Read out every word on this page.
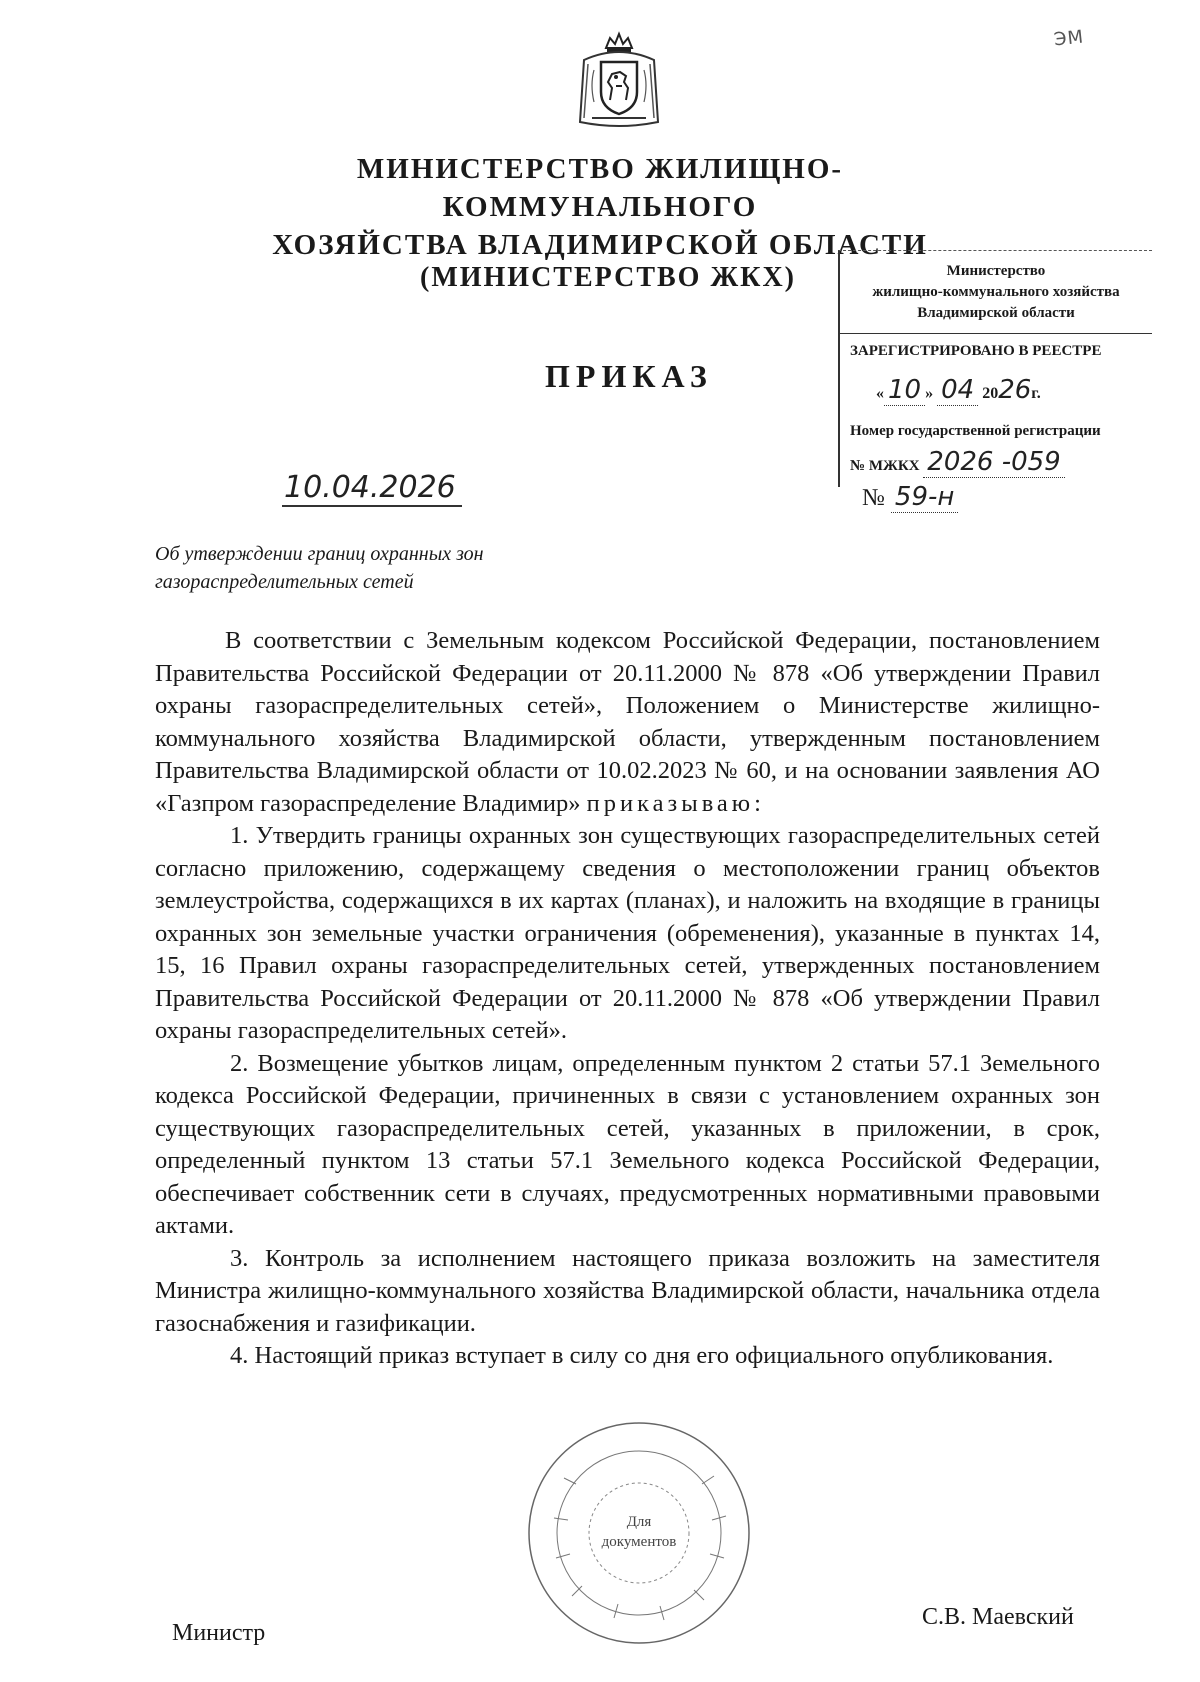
ЭМ
МИНИСТЕРСТВО ЖИЛИЩНО-КОММУНАЛЬНОГО
ХОЗЯЙСТВА ВЛАДИМИРСКОЙ ОБЛАСТИ
(МИНИСТЕРСТВО ЖКХ)
ПРИКАЗ
Министерство
жилищно-коммунального хозяйства
Владимирской области
ЗАРЕГИСТРИРОВАНО В РЕЕСТРЕ
« 10 » 04 2026г.
Номер государственной регистрации
№ МЖКХ 2026 -059
10.04.2026	№ 59-н
Об утверждении границ охранных зон
газораспределительных сетей

В соответствии с Земельным кодексом Российской Федерации, постановлением Правительства Российской Федерации от 20.11.2000 № 878 «Об утверждении Правил охраны газораспределительных сетей», Положением о Министерстве жилищно-коммунального хозяйства Владимирской области, утвержденным постановлением Правительства Владимирской области от 10.02.2023 № 60, и на основании заявления АО «Газпром газораспределение Владимир» приказываю:

1. Утвердить границы охранных зон существующих газораспределительных сетей согласно приложению, содержащему сведения о местоположении границ объектов землеустройства, содержащихся в их картах (планах), и наложить на входящие в границы охранных зон земельные участки ограничения (обременения), указанные в пунктах 14, 15, 16 Правил охраны газораспределительных сетей, утвержденных постановлением Правительства Российской Федерации от 20.11.2000 № 878 «Об утверждении Правил охраны газораспределительных сетей».

2. Возмещение убытков лицам, определенным пунктом 2 статьи 57.1 Земельного кодекса Российской Федерации, причиненных в связи с установлением охранных зон существующих газораспределительных сетей, указанных в приложении, в срок, определенный пунктом 13 статьи 57.1 Земельного кодекса Российской Федерации, обеспечивает собственник сети в случаях, предусмотренных нормативными правовыми актами.

3. Контроль за исполнением настоящего приказа возложить на заместителя Министра жилищно-коммунального хозяйства Владимирской области, начальника отдела газоснабжения и газификации.

4. Настоящий приказ вступает в силу со дня его официального опубликования.

Для
документов
Министр
С.В. Маевский
